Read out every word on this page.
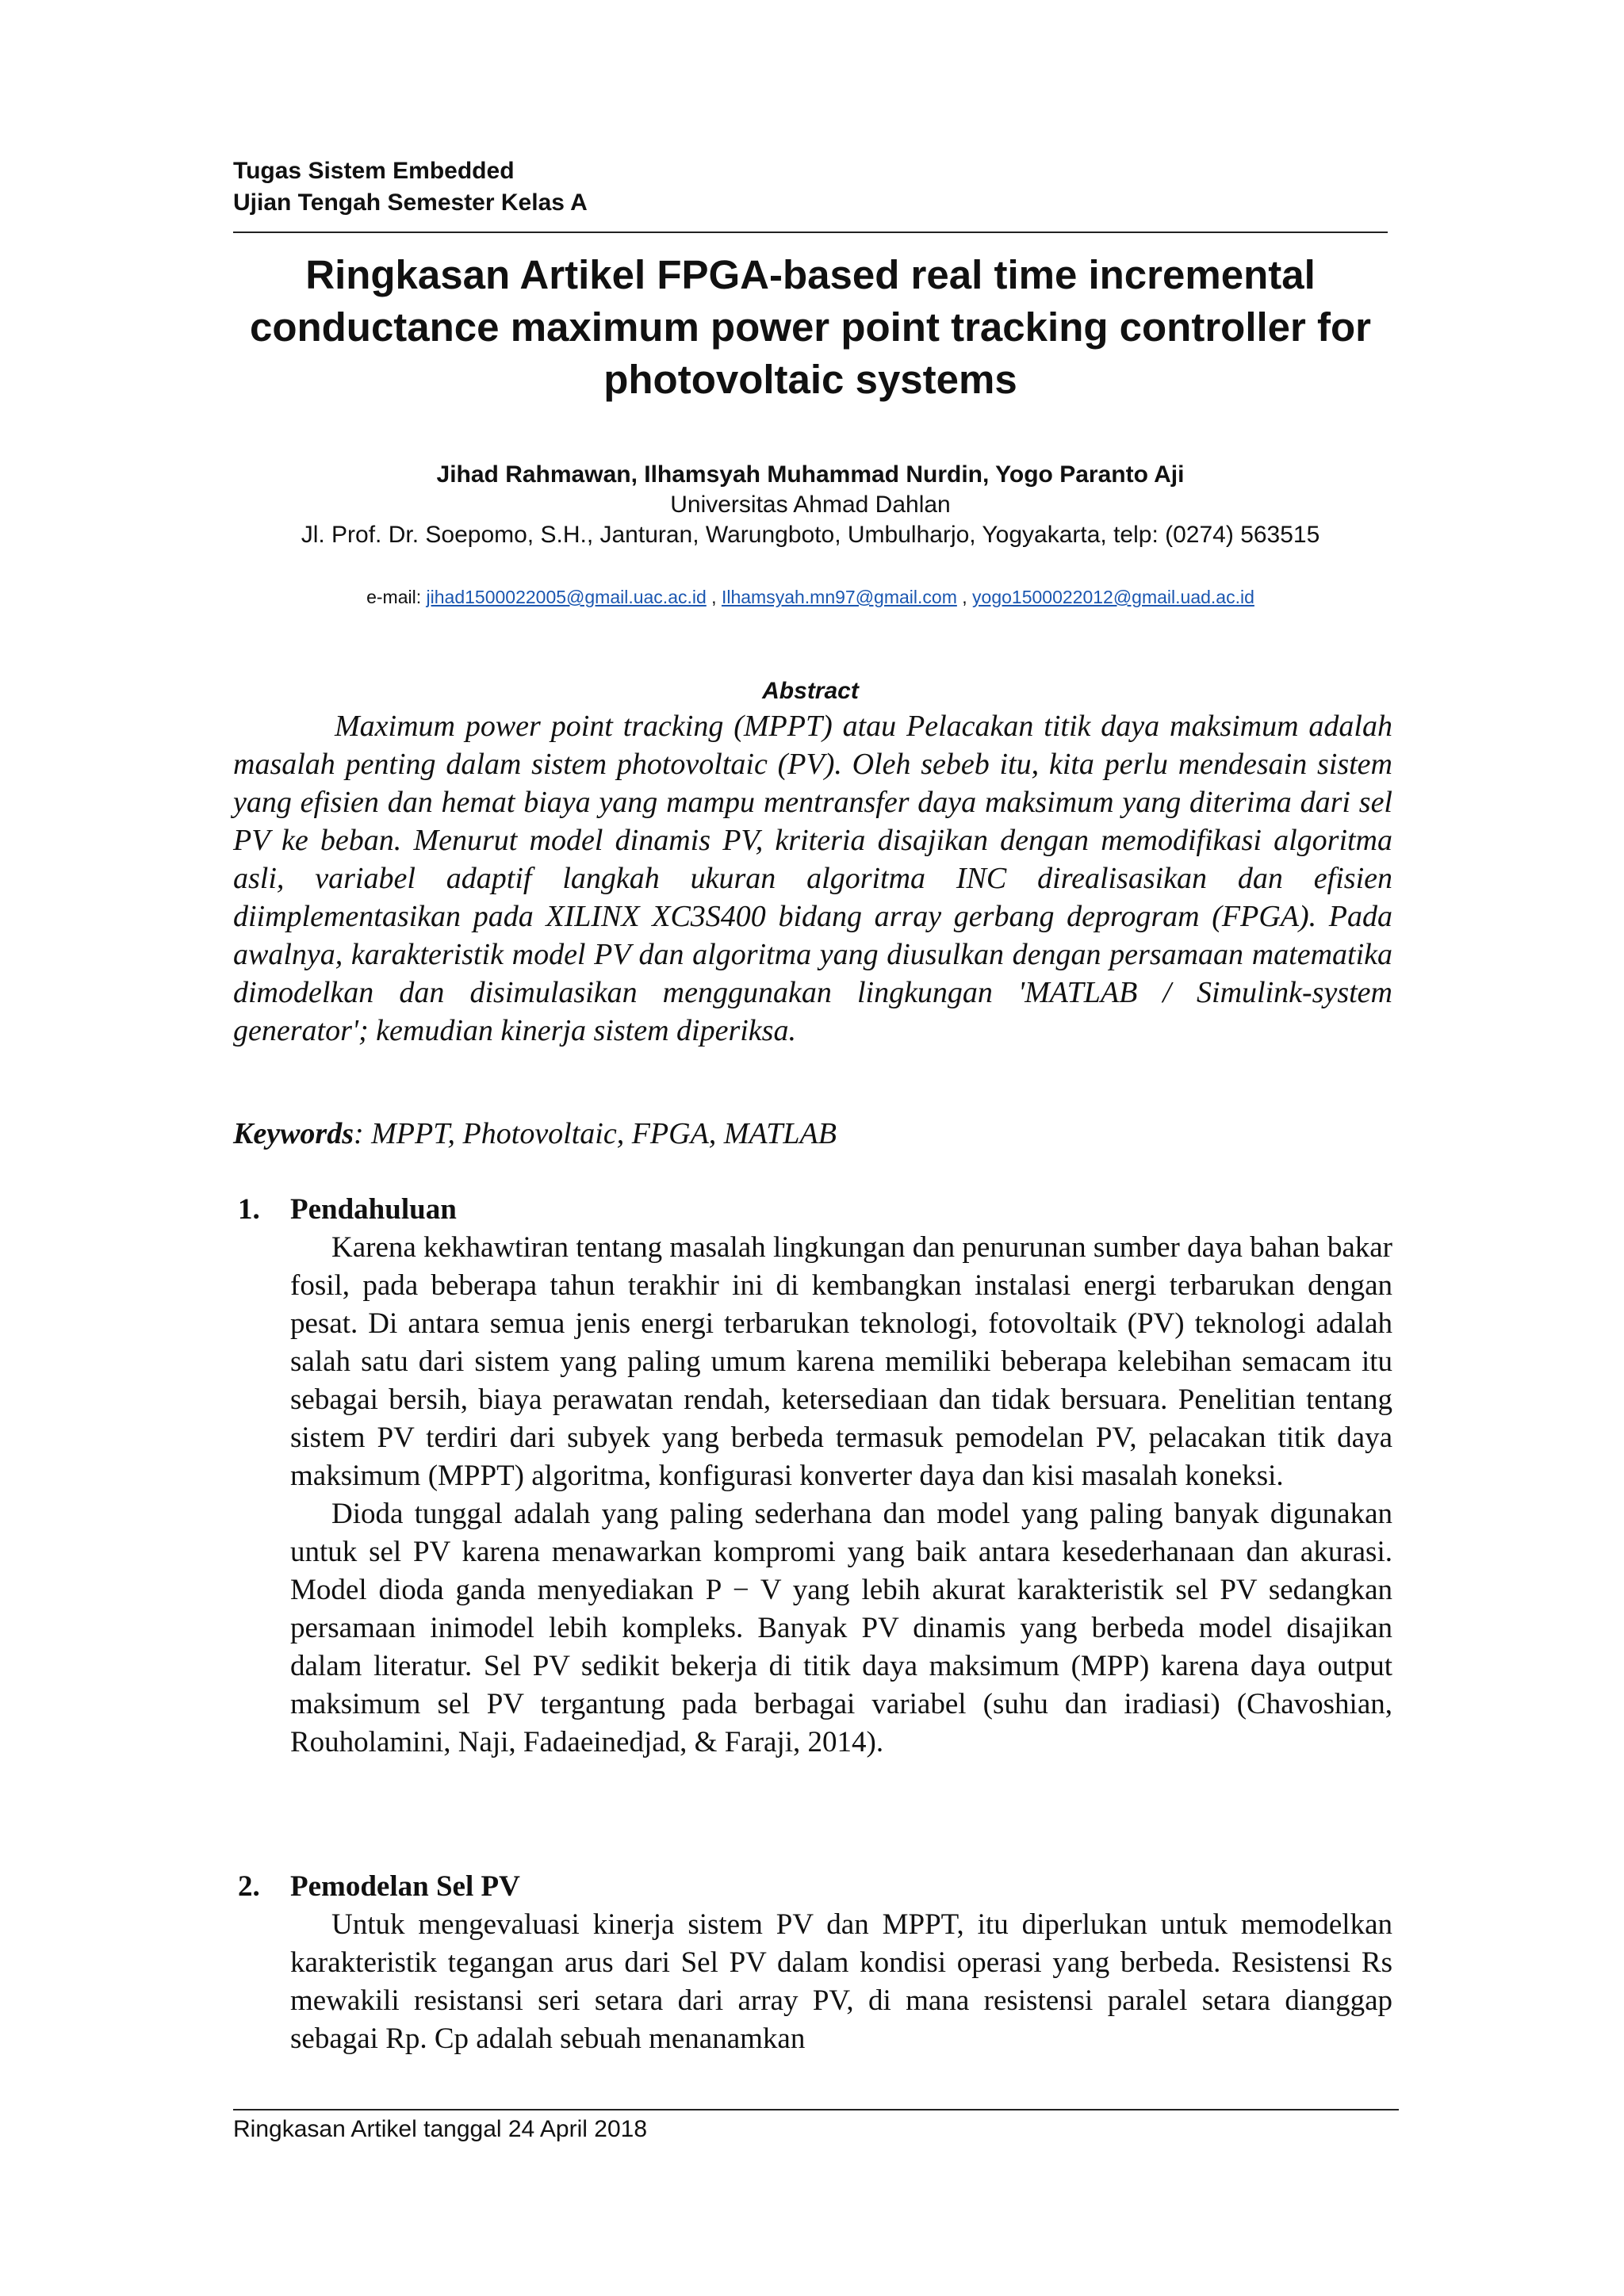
Tugas Sistem Embedded
Ujian Tengah Semester Kelas A
Ringkasan Artikel FPGA-based real time incremental conductance maximum power point tracking controller for photovoltaic systems
Jihad Rahmawan, Ilhamsyah Muhammad Nurdin, Yogo Paranto Aji
Universitas Ahmad Dahlan
Jl. Prof. Dr. Soepomo, S.H., Janturan, Warungboto, Umbulharjo, Yogyakarta, telp: (0274) 563515
e-mail: jihad1500022005@gmail.uac.ac.id , Ilhamsyah.mn97@gmail.com , yogo1500022012@gmail.uad.ac.id
Abstract
Maximum power point tracking (MPPT) atau Pelacakan titik daya maksimum adalah masalah penting dalam sistem photovoltaic (PV). Oleh sebeb itu, kita perlu mendesain sistem yang efisien dan hemat biaya yang mampu mentransfer daya maksimum yang diterima dari sel PV ke beban. Menurut model dinamis PV, kriteria disajikan dengan memodifikasi algoritma asli, variabel adaptif langkah ukuran algoritma INC direalisasikan dan efisien diimplementasikan pada XILINX XC3S400 bidang array gerbang deprogram (FPGA). Pada awalnya, karakteristik model PV dan algoritma yang diusulkan dengan persamaan matematika dimodelkan dan disimulasikan menggunakan lingkungan 'MATLAB / Simulink-system generator'; kemudian kinerja sistem diperiksa.
Keywords: MPPT, Photovoltaic, FPGA, MATLAB
1. Pendahuluan

Karena kekhawtiran tentang masalah lingkungan dan penurunan sumber daya bahan bakar fosil, pada beberapa tahun terakhir ini di kembangkan instalasi energi terbarukan dengan pesat. Di antara semua jenis energi terbarukan teknologi, fotovoltaik (PV) teknologi adalah salah satu dari sistem yang paling umum karena memiliki beberapa kelebihan semacam itu sebagai bersih, biaya perawatan rendah, ketersediaan dan tidak bersuara. Penelitian tentang sistem PV terdiri dari subyek yang berbeda termasuk pemodelan PV, pelacakan titik daya maksimum (MPPT) algoritma, konfigurasi konverter daya dan kisi masalah koneksi.

Dioda tunggal adalah yang paling sederhana dan model yang paling banyak digunakan untuk sel PV karena menawarkan kompromi yang baik antara kesederhanaan dan akurasi. Model dioda ganda menyediakan P − V yang lebih akurat karakteristik sel PV sedangkan persamaan inimodel lebih kompleks. Banyak PV dinamis yang berbeda model disajikan dalam literatur. Sel PV sedikit bekerja di titik daya maksimum (MPP) karena daya output maksimum sel PV tergantung pada berbagai variabel (suhu dan iradiasi) (Chavoshian, Rouholamini, Naji, Fadaeinedjad, & Faraji, 2014).

2. Pemodelan Sel PV

Untuk mengevaluasi kinerja sistem PV dan MPPT, itu diperlukan untuk memodelkan karakteristik tegangan arus dari Sel PV dalam kondisi operasi yang berbeda. Resistensi Rs mewakili resistansi seri setara dari array PV, di mana resistensi paralel setara dianggap sebagai Rp. Cp adalah sebuah menanamkan

Ringkasan Artikel tanggal 24 April 2018
